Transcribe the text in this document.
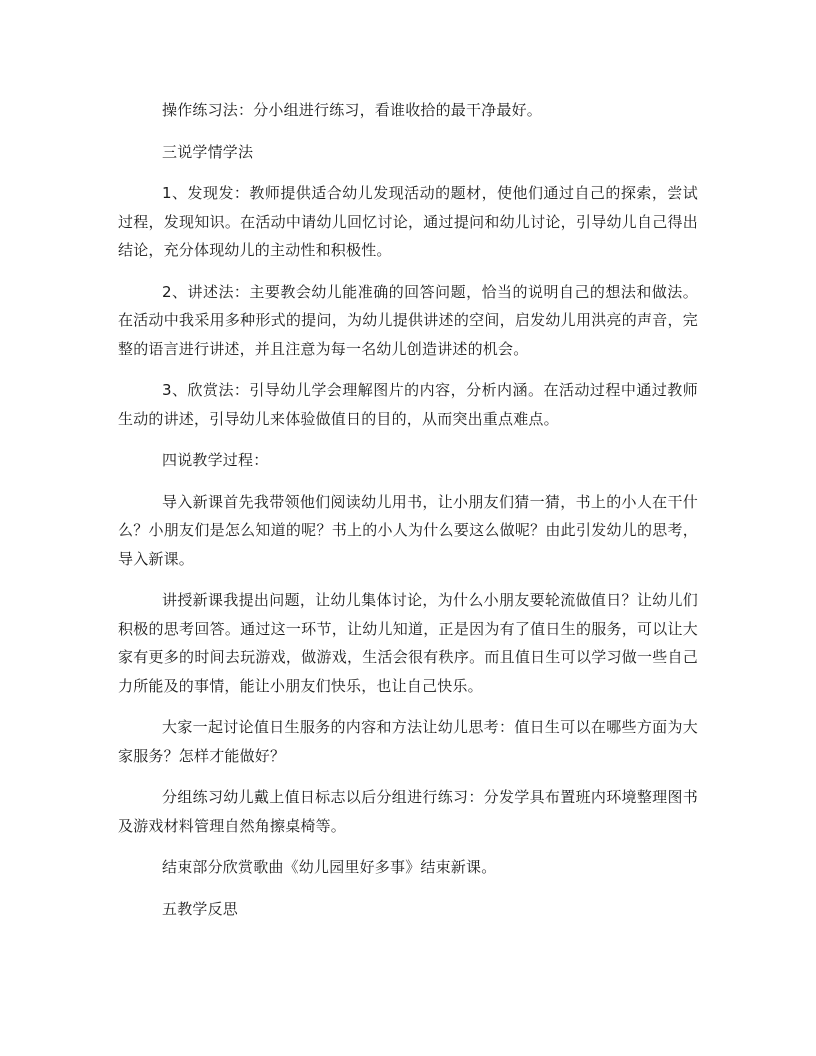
操作练习法：分小组进行练习，看谁收拾的最干净最好。

三说学情学法

1、发现发：教师提供适合幼儿发现活动的题材，使他们通过自己的探索，尝试过程，发现知识。在活动中请幼儿回忆讨论，通过提问和幼儿讨论，引导幼儿自己得出结论，充分体现幼儿的主动性和积极性。

2、讲述法：主要教会幼儿能准确的回答问题，恰当的说明自己的想法和做法。在活动中我采用多种形式的提问，为幼儿提供讲述的空间，启发幼儿用洪亮的声音，完整的语言进行讲述，并且注意为每一名幼儿创造讲述的机会。

3、欣赏法：引导幼儿学会理解图片的内容，分析内涵。在活动过程中通过教师生动的讲述，引导幼儿来体验做值日的目的，从而突出重点难点。

四说教学过程：

导入新课首先我带领他们阅读幼儿用书，让小朋友们猜一猜，书上的小人在干什么？小朋友们是怎么知道的呢？书上的小人为什么要这么做呢？由此引发幼儿的思考，导入新课。

讲授新课我提出问题，让幼儿集体讨论，为什么小朋友要轮流做值日？让幼儿们积极的思考回答。通过这一环节，让幼儿知道，正是因为有了值日生的服务，可以让大家有更多的时间去玩游戏，做游戏，生活会很有秩序。而且值日生可以学习做一些自己力所能及的事情，能让小朋友们快乐，也让自己快乐。

大家一起讨论值日生服务的内容和方法让幼儿思考：值日生可以在哪些方面为大家服务？怎样才能做好？

分组练习幼儿戴上值日标志以后分组进行练习：分发学具布置班内环境整理图书及游戏材料管理自然角擦桌椅等。

结束部分欣赏歌曲《幼儿园里好多事》结束新课。

五教学反思
